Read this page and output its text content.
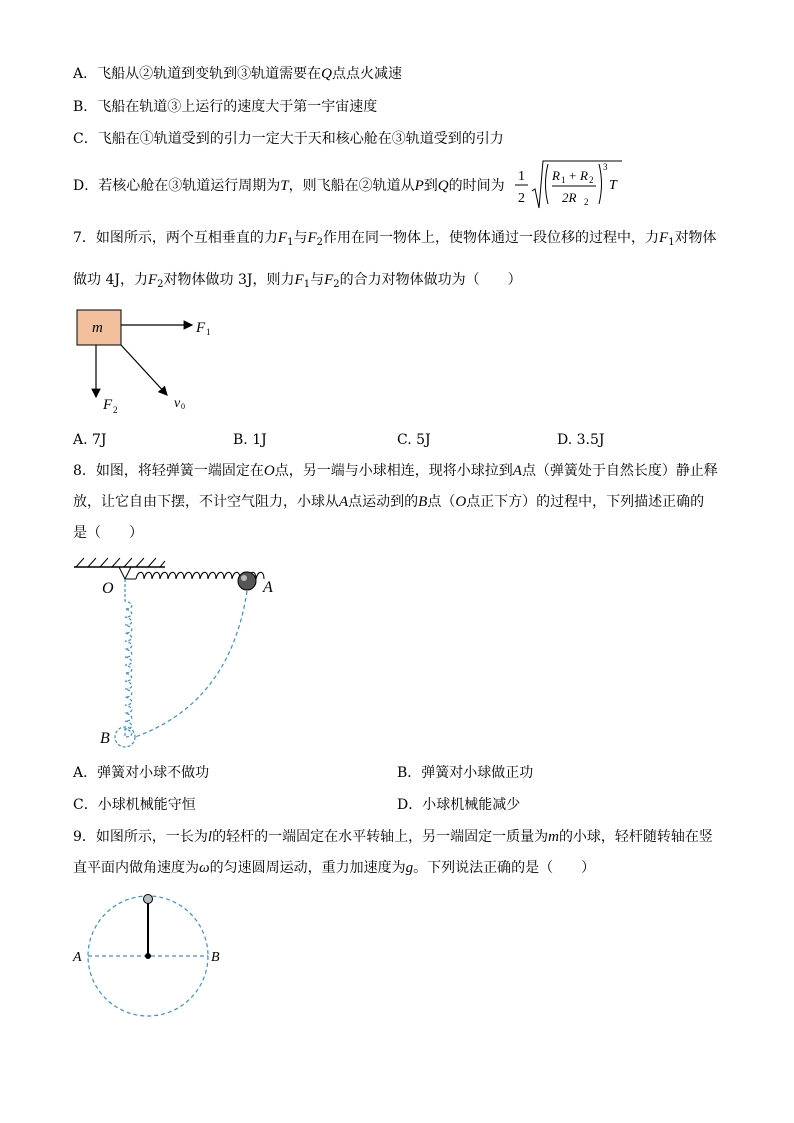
A．飞船从②轨道到变轨到③轨道需要在Q点点火减速
B．飞船在轨道③上运行的速度大于第一宇宙速度
C．飞船在①轨道受到的引力一定大于天和核心舱在③轨道受到的引力
D．若核心舱在③轨道运行周期为T，则飞船在②轨道从P到Q的时间为
1
2
R 1 + R 2
2R 2
3
T
7．如图所示，两个互相垂直的力$F_1$与$F_2$作用在同一物体上，使物体通过一段位移的过程中，力$F_1$对物体
做功 4J，力$F_2$对物体做功 3J，则力$F_1$与$F_2$的合力对物体做功为（　　）
m	F 1
F 2	v 0
A. 7J	B. 1J	C. 5J	D. 3.5J
8．如图，将轻弹簧一端固定在O点，另一端与小球相连，现将小球拉到A点（弹簧处于自然长度）静止释
放，让它自由下摆，不计空气阻力，小球从A点运动到的B点（O点正下方）的过程中，下列描述正确的
是（　　）
O	A
B
A．弹簧对小球不做功	B．弹簧对小球做正功
C．小球机械能守恒	D．小球机械能减少
9．如图所示，一长为l的轻杆的一端固定在水平转轴上，另一端固定一质量为m的小球，轻杆随转轴在竖
直平面内做角速度为ω的匀速圆周运动，重力加速度为g。下列说法正确的是（　　）
A	B
